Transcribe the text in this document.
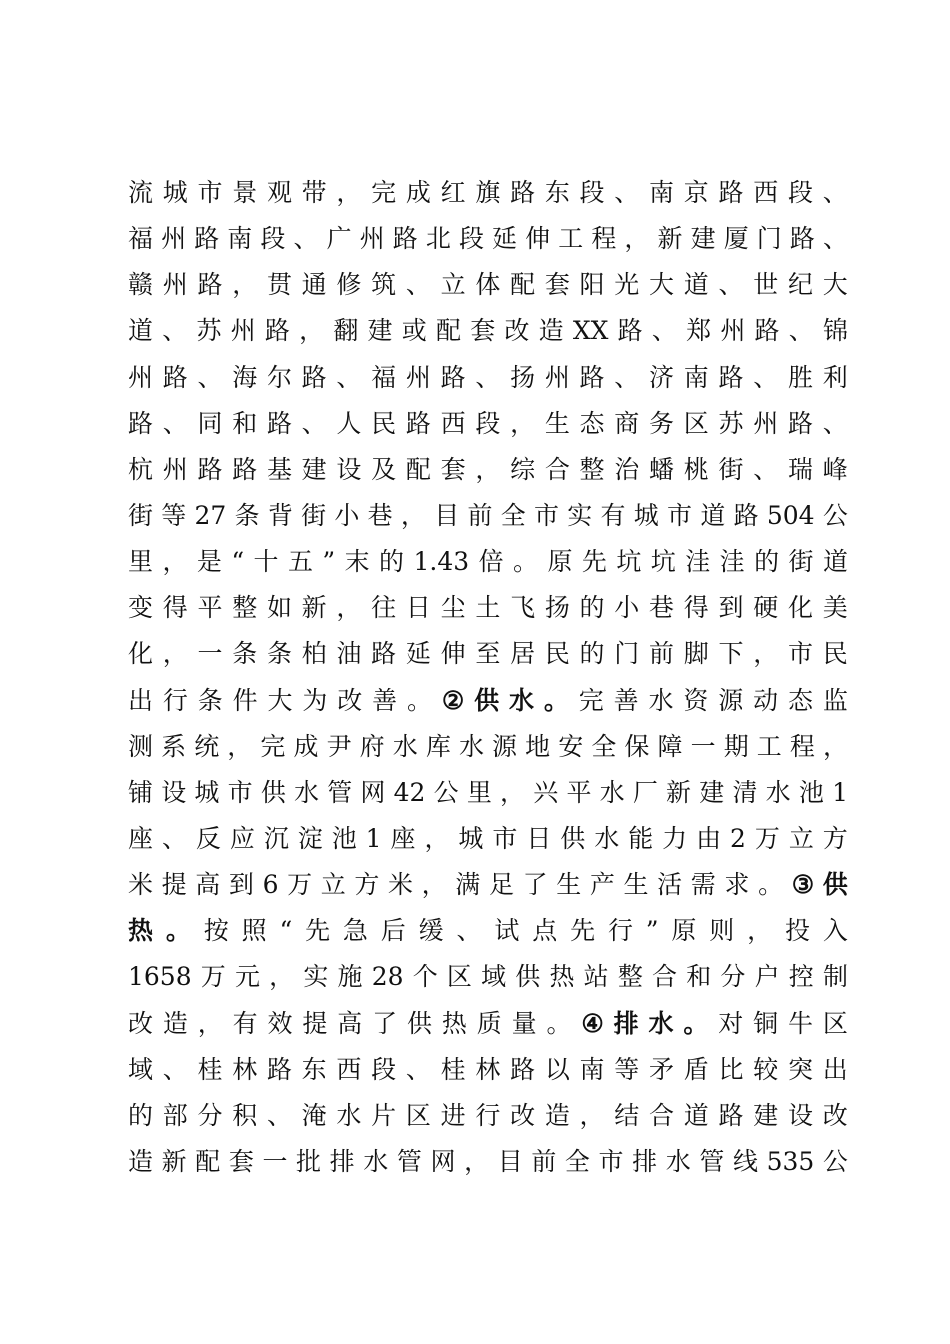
流 城 市 景 观 带 ， 完 成 红 旗 路 东 段 、 南 京 路 西 段 、
福 州 路 南 段 、 广 州 路 北 段 延 伸 工 程 ， 新 建 厦 门 路 、
赣 州 路 ， 贯 通 修 筑 、 立 体 配 套 阳 光 大 道 、 世 纪 大
道 、 苏 州 路 ， 翻 建 或 配 套 改 造 XX 路 、 郑 州 路 、 锦
州 路 、 海 尔 路 、 福 州 路 、 扬 州 路 、 济 南 路 、 胜 利
路 、 同 和 路 、 人 民 路 西 段 ， 生 态 商 务 区 苏 州 路 、
杭 州 路 路 基 建 设 及 配 套 ， 综 合 整 治 蟠 桃 街 、 瑞 峰
街 等 27 条 背 街 小 巷 ， 目 前 全 市 实 有 城 市 道 路 504 公
里 ， 是 “ 十 五 ” 末 的 1.43 倍 。 原 先 坑 坑 洼 洼 的 街 道
变 得 平 整 如 新 ， 往 日 尘 土 飞 扬 的 小 巷 得 到 硬 化 美
化 ， 一 条 条 柏 油 路 延 伸 至 居 民 的 门 前 脚 下 ， 市 民
出 行 条 件 大 为 改 善 。 ② 供 水 。 完 善 水 资 源 动 态 监
测 系 统 ， 完 成 尹 府 水 库 水 源 地 安 全 保 障 一 期 工 程 ，
铺 设 城 市 供 水 管 网 42 公 里 ， 兴 平 水 厂 新 建 清 水 池 1
座 、 反 应 沉 淀 池 1 座 ， 城 市 日 供 水 能 力 由 2 万 立 方
米 提 高 到 6 万 立 方 米 ， 满 足 了 生 产 生 活 需 求 。 ③ 供
热 。 按 照 “ 先 急 后 缓 、 试 点 先 行 ” 原 则 ， 投 入
1658 万 元 ， 实 施 28 个 区 域 供 热 站 整 合 和 分 户 控 制
改 造 ， 有 效 提 高 了 供 热 质 量 。 ④ 排 水 。 对 铜 牛 区
域 、 桂 林 路 东 西 段 、 桂 林 路 以 南 等 矛 盾 比 较 突 出
的 部 分 积 、 淹 水 片 区 进 行 改 造 ， 结 合 道 路 建 设 改
造 新 配 套 一 批 排 水 管 网 ， 目 前 全 市 排 水 管 线 535 公
